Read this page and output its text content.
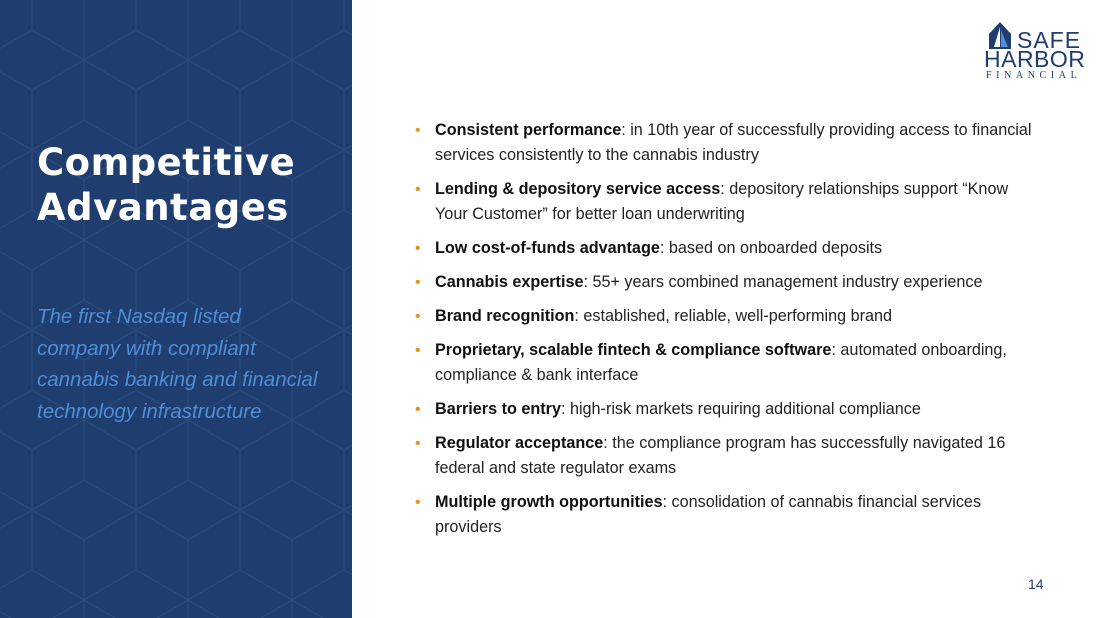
Competitive
Advantages
The first Nasdaq listed company with compliant cannabis banking and financial technology infrastructure
SAFE
HARBOR
FINANCIAL
• Consistent performance: in 10th year of successfully providing access to financial services consistently to the cannabis industry
• Lending & depository service access: depository relationships support “Know Your Customer” for better loan underwriting
• Low cost-of-funds advantage: based on onboarded deposits
• Cannabis expertise: 55+ years combined management industry experience
• Brand recognition: established, reliable, well-performing brand
• Proprietary, scalable fintech & compliance software: automated onboarding, compliance & bank interface
• Barriers to entry: high-risk markets requiring additional compliance
• Regulator acceptance: the compliance program has successfully navigated 16 federal and state regulator exams
• Multiple growth opportunities: consolidation of cannabis financial services providers
14
